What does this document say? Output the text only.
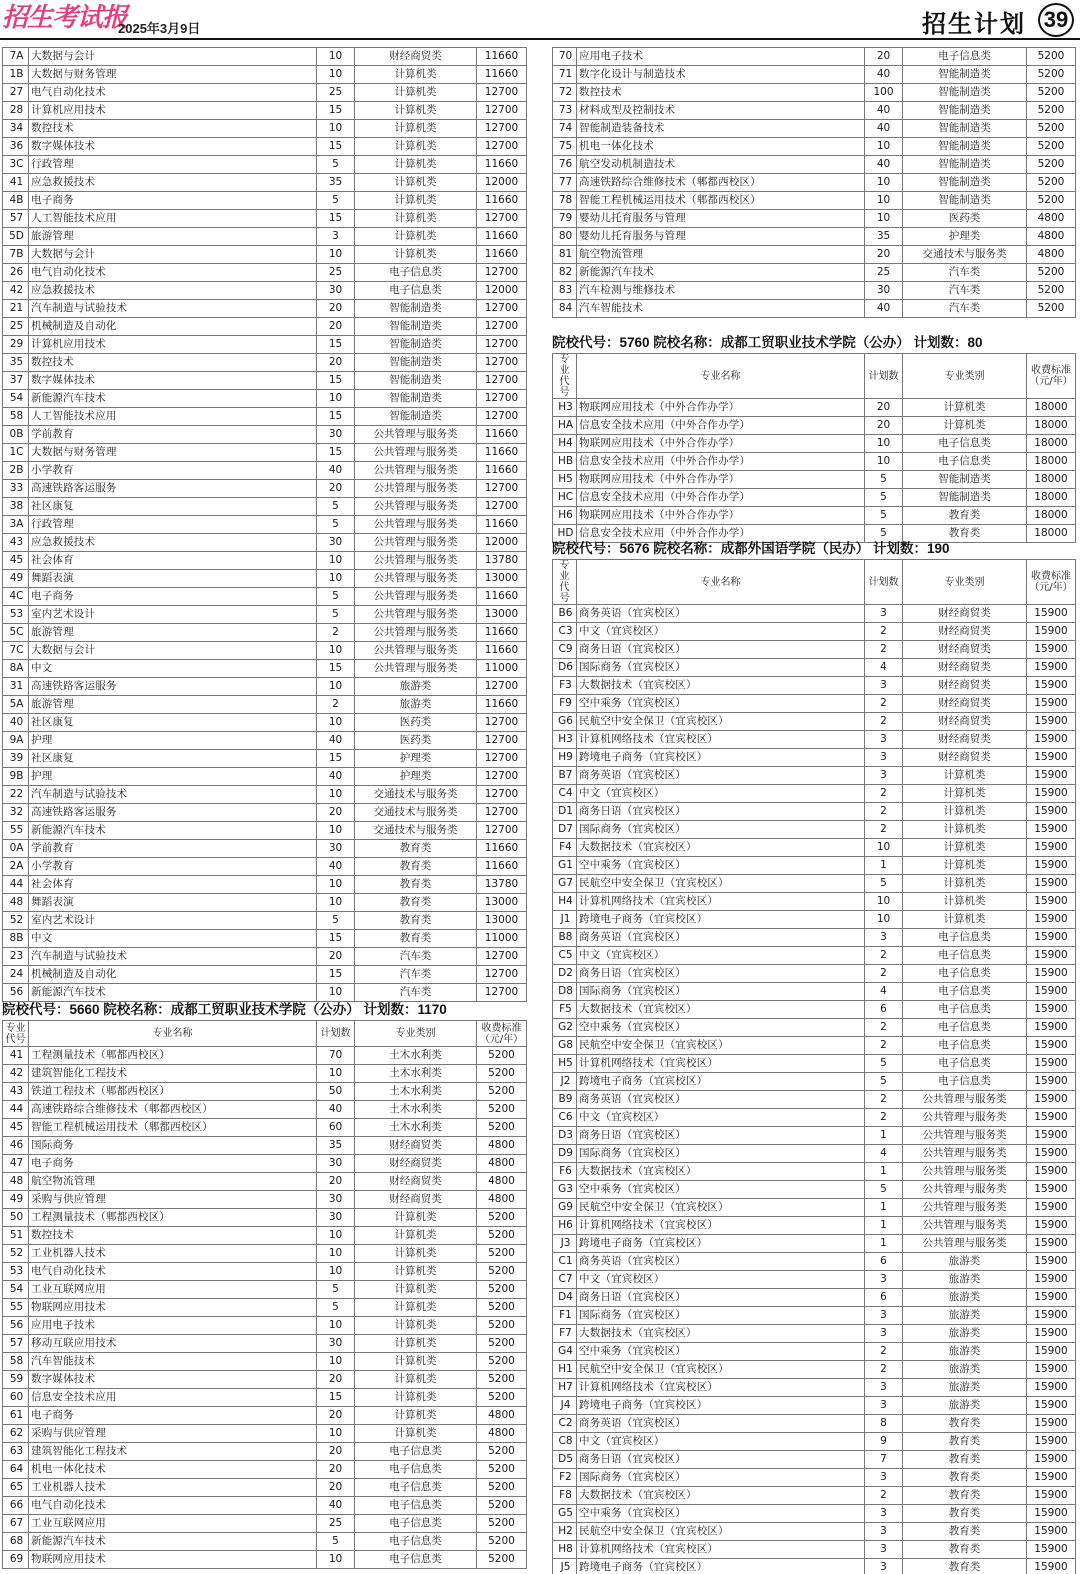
招生考试报
2025年3月9日	招生计划 39
7A	大数据与会计	10	财经商贸类	11660
1B	大数据与财务管理	10	计算机类	11660
27	电气自动化技术	25	计算机类	12700
28	计算机应用技术	15	计算机类	12700
34	数控技术	10	计算机类	12700
36	数字媒体技术	15	计算机类	12700
3C	行政管理	5	计算机类	11660
41	应急救援技术	35	计算机类	12000
4B	电子商务	5	计算机类	11660
57	人工智能技术应用	15	计算机类	12700
5D	旅游管理	3	计算机类	11660
7B	大数据与会计	10	计算机类	11660
26	电气自动化技术	25	电子信息类	12700
42	应急救援技术	30	电子信息类	12000
21	汽车制造与试验技术	20	智能制造类	12700
25	机械制造及自动化	20	智能制造类	12700
29	计算机应用技术	15	智能制造类	12700
35	数控技术	20	智能制造类	12700
37	数字媒体技术	15	智能制造类	12700
54	新能源汽车技术	10	智能制造类	12700
58	人工智能技术应用	15	智能制造类	12700
0B	学前教育	30	公共管理与服务类	11660
1C	大数据与财务管理	15	公共管理与服务类	11660
2B	小学教育	40	公共管理与服务类	11660
33	高速铁路客运服务	20	公共管理与服务类	12700
38	社区康复	5	公共管理与服务类	12700
3A	行政管理	5	公共管理与服务类	11660
43	应急救援技术	30	公共管理与服务类	12000
45	社会体育	10	公共管理与服务类	13780
49	舞蹈表演	10	公共管理与服务类	13000
4C	电子商务	5	公共管理与服务类	11660
53	室内艺术设计	5	公共管理与服务类	13000
5C	旅游管理	2	公共管理与服务类	11660
7C	大数据与会计	10	公共管理与服务类	11660
8A	中文	15	公共管理与服务类	11000
31	高速铁路客运服务	10	旅游类	12700
5A	旅游管理	2	旅游类	11660
40	社区康复	10	医药类	12700
9A	护理	40	医药类	12700
39	社区康复	15	护理类	12700
9B	护理	40	护理类	12700
22	汽车制造与试验技术	10	交通技术与服务类	12700
32	高速铁路客运服务	20	交通技术与服务类	12700
55	新能源汽车技术	10	交通技术与服务类	12700
0A	学前教育	30	教育类	11660
2A	小学教育	40	教育类	11660
44	社会体育	10	教育类	13780
48	舞蹈表演	10	教育类	13000
52	室内艺术设计	5	教育类	13000
8B	中文	15	教育类	11000
23	汽车制造与试验技术	20	汽车类	12700
24	机械制造及自动化	15	汽车类	12700
56	新能源汽车技术	10	汽车类	12700
院校代号：5660 院校名称：成都工贸职业技术学院（公办） 计划数：1170
专业代号	专业名称	计划数	专业类别	收费标准（元/年）
41	工程测量技术（郫都西校区）	70	土木水利类	5200
42	建筑智能化工程技术	10	土木水利类	5200
43	铁道工程技术（郫都西校区）	50	土木水利类	5200
44	高速铁路综合维修技术（郫都西校区）	40	土木水利类	5200
45	智能工程机械运用技术（郫都西校区）	60	土木水利类	5200
46	国际商务	35	财经商贸类	4800
47	电子商务	30	财经商贸类	4800
48	航空物流管理	20	财经商贸类	4800
49	采购与供应管理	30	财经商贸类	4800
50	工程测量技术（郫都西校区）	30	计算机类	5200
51	数控技术	10	计算机类	5200
52	工业机器人技术	10	计算机类	5200
53	电气自动化技术	10	计算机类	5200
54	工业互联网应用	5	计算机类	5200
55	物联网应用技术	5	计算机类	5200
56	应用电子技术	10	计算机类	5200
57	移动互联应用技术	30	计算机类	5200
58	汽车智能技术	10	计算机类	5200
59	数字媒体技术	20	计算机类	5200
60	信息安全技术应用	15	计算机类	5200
61	电子商务	20	计算机类	4800
62	采购与供应管理	10	计算机类	4800
63	建筑智能化工程技术	20	电子信息类	5200
64	机电一体化技术	20	电子信息类	5200
65	工业机器人技术	20	电子信息类	5200
66	电气自动化技术	40	电子信息类	5200
67	工业互联网应用	25	电子信息类	5200
68	新能源汽车技术	5	电子信息类	5200
69	物联网应用技术	10	电子信息类	5200
70	应用电子技术	20	电子信息类	5200
71	数字化设计与制造技术	40	智能制造类	5200
72	数控技术	100	智能制造类	5200
73	材料成型及控制技术	40	智能制造类	5200
74	智能制造装备技术	40	智能制造类	5200
75	机电一体化技术	10	智能制造类	5200
76	航空发动机制造技术	40	智能制造类	5200
77	高速铁路综合维修技术（郫都西校区）	10	智能制造类	5200
78	智能工程机械运用技术（郫都西校区）	10	智能制造类	5200
79	婴幼儿托育服务与管理	10	医药类	4800
80	婴幼儿托育服务与管理	35	护理类	4800
81	航空物流管理	20	交通技术与服务类	4800
82	新能源汽车技术	25	汽车类	5200
83	汽车检测与维修技术	30	汽车类	5200
84	汽车智能技术	40	汽车类	5200
院校代号：5760 院校名称：成都工贸职业技术学院（公办） 计划数：80
专业代号	专业名称	计划数	专业类别	收费标准（元/年）
H3	物联网应用技术（中外合作办学）	20	计算机类	18000
HA	信息安全技术应用（中外合作办学）	20	计算机类	18000
H4	物联网应用技术（中外合作办学）	10	电子信息类	18000
HB	信息安全技术应用（中外合作办学）	10	电子信息类	18000
H5	物联网应用技术（中外合作办学）	5	智能制造类	18000
HC	信息安全技术应用（中外合作办学）	5	智能制造类	18000
H6	物联网应用技术（中外合作办学）	5	教育类	18000
HD	信息安全技术应用（中外合作办学）	5	教育类	18000
院校代号：5676 院校名称：成都外国语学院（民办） 计划数：190
专业代号	专业名称	计划数	专业类别	收费标准（元/年）
B6	商务英语（宜宾校区）	3	财经商贸类	15900
C3	中文（宜宾校区）	2	财经商贸类	15900
C9	商务日语（宜宾校区）	2	财经商贸类	15900
D6	国际商务（宜宾校区）	4	财经商贸类	15900
F3	大数据技术（宜宾校区）	3	财经商贸类	15900
F9	空中乘务（宜宾校区）	2	财经商贸类	15900
G6	民航空中安全保卫（宜宾校区）	2	财经商贸类	15900
H3	计算机网络技术（宜宾校区）	3	财经商贸类	15900
H9	跨境电子商务（宜宾校区）	3	财经商贸类	15900
B7	商务英语（宜宾校区）	3	计算机类	15900
C4	中文（宜宾校区）	2	计算机类	15900
D1	商务日语（宜宾校区）	2	计算机类	15900
D7	国际商务（宜宾校区）	2	计算机类	15900
F4	大数据技术（宜宾校区）	10	计算机类	15900
G1	空中乘务（宜宾校区）	1	计算机类	15900
G7	民航空中安全保卫（宜宾校区）	5	计算机类	15900
H4	计算机网络技术（宜宾校区）	10	计算机类	15900
J1	跨境电子商务（宜宾校区）	10	计算机类	15900
B8	商务英语（宜宾校区）	3	电子信息类	15900
C5	中文（宜宾校区）	2	电子信息类	15900
D2	商务日语（宜宾校区）	2	电子信息类	15900
D8	国际商务（宜宾校区）	4	电子信息类	15900
F5	大数据技术（宜宾校区）	6	电子信息类	15900
G2	空中乘务（宜宾校区）	2	电子信息类	15900
G8	民航空中安全保卫（宜宾校区）	2	电子信息类	15900
H5	计算机网络技术（宜宾校区）	5	电子信息类	15900
J2	跨境电子商务（宜宾校区）	5	电子信息类	15900
B9	商务英语（宜宾校区）	2	公共管理与服务类	15900
C6	中文（宜宾校区）	2	公共管理与服务类	15900
D3	商务日语（宜宾校区）	1	公共管理与服务类	15900
D9	国际商务（宜宾校区）	4	公共管理与服务类	15900
F6	大数据技术（宜宾校区）	1	公共管理与服务类	15900
G3	空中乘务（宜宾校区）	5	公共管理与服务类	15900
G9	民航空中安全保卫（宜宾校区）	1	公共管理与服务类	15900
H6	计算机网络技术（宜宾校区）	1	公共管理与服务类	15900
J3	跨境电子商务（宜宾校区）	1	公共管理与服务类	15900
C1	商务英语（宜宾校区）	6	旅游类	15900
C7	中文（宜宾校区）	3	旅游类	15900
D4	商务日语（宜宾校区）	6	旅游类	15900
F1	国际商务（宜宾校区）	3	旅游类	15900
F7	大数据技术（宜宾校区）	3	旅游类	15900
G4	空中乘务（宜宾校区）	2	旅游类	15900
H1	民航空中安全保卫（宜宾校区）	2	旅游类	15900
H7	计算机网络技术（宜宾校区）	3	旅游类	15900
J4	跨境电子商务（宜宾校区）	3	旅游类	15900
C2	商务英语（宜宾校区）	8	教育类	15900
C8	中文（宜宾校区）	9	教育类	15900
D5	商务日语（宜宾校区）	7	教育类	15900
F2	国际商务（宜宾校区）	3	教育类	15900
F8	大数据技术（宜宾校区）	2	教育类	15900
G5	空中乘务（宜宾校区）	3	教育类	15900
H2	民航空中安全保卫（宜宾校区）	3	教育类	15900
H8	计算机网络技术（宜宾校区）	3	教育类	15900
J5	跨境电子商务（宜宾校区）	3	教育类	15900
